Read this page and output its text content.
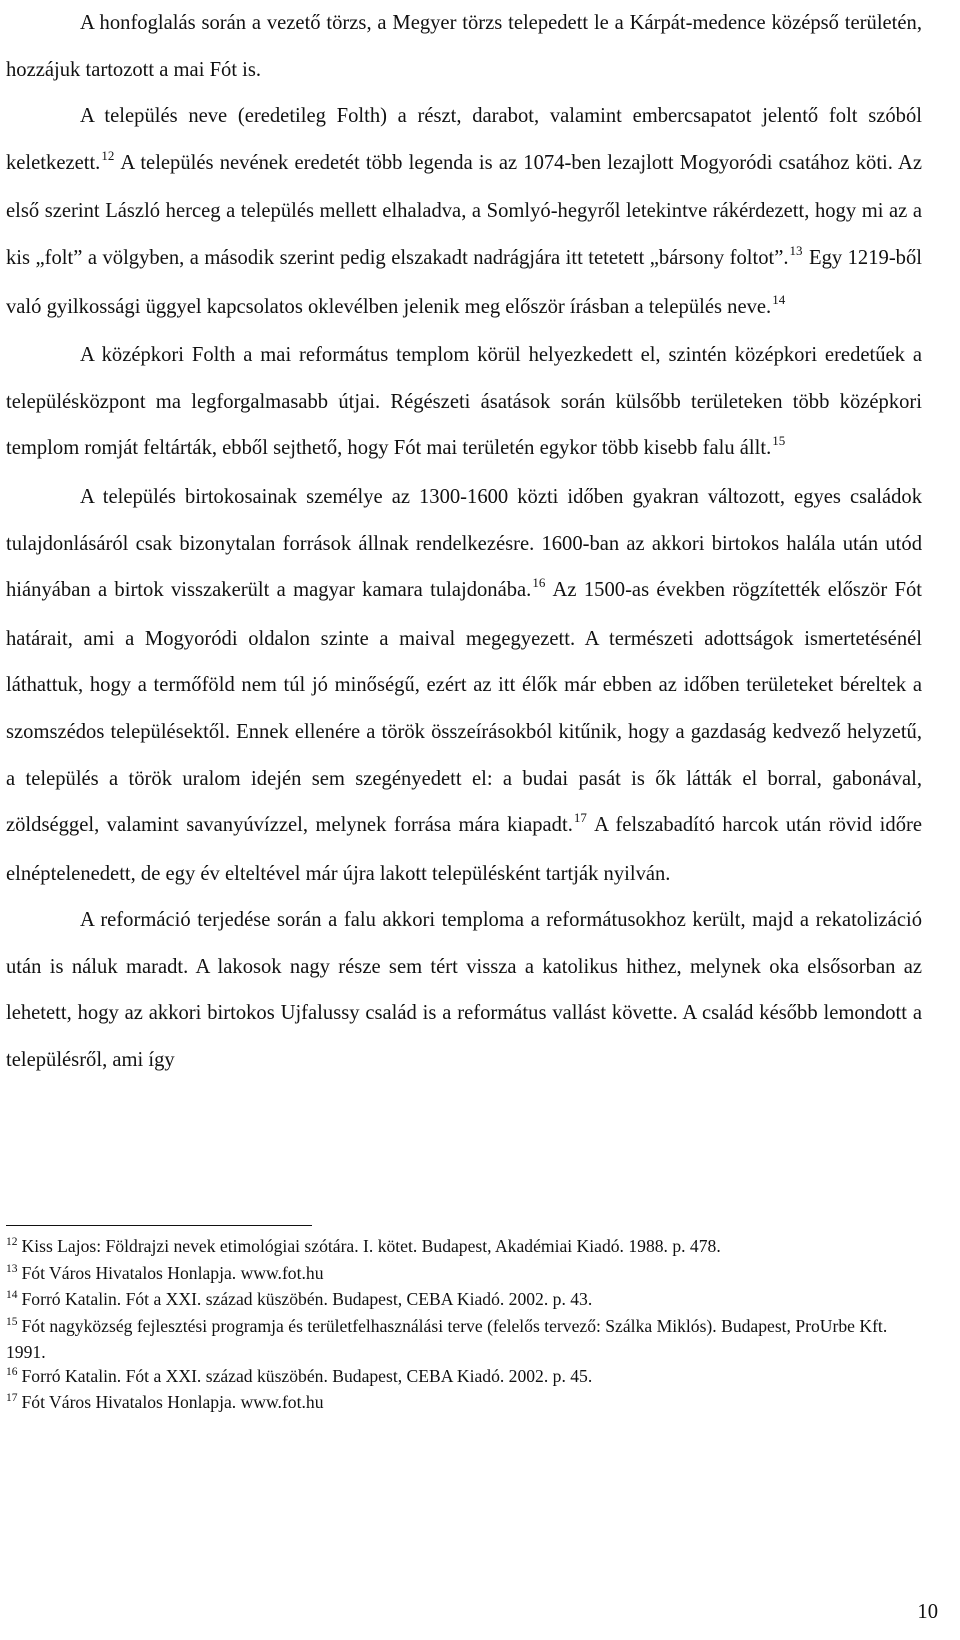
A honfoglalás során a vezető törzs, a Megyer törzs telepedett le a Kárpát-medence középső területén, hozzájuk tartozott a mai Fót is.

A település neve (eredetileg Folth) a részt, darabot, valamint embercsapatot jelentő folt szóból keletkezett.$^{12}$ A település nevének eredetét több legenda is az 1074-ben lezajlott Mogyoródi csatához köti. Az első szerint László herceg a település mellett elhaladva, a Somlyó-hegyről letekintve rákérdezett, hogy mi az a kis „folt” a völgyben, a második szerint pedig elszakadt nadrágjára itt tetetett „bársony foltot”.$^{13}$ Egy 1219-ből való gyilkossági üggyel kapcsolatos oklevélben jelenik meg először írásban a település neve.$^{14}$

A középkori Folth a mai református templom körül helyezkedett el, szintén középkori eredetűek a településközpont ma legforgalmasabb útjai. Régészeti ásatások során külsőbb területeken több középkori templom romját feltárták, ebből sejthető, hogy Fót mai területén egykor több kisebb falu állt.$^{15}$

A település birtokosainak személye az 1300-1600 közti időben gyakran változott, egyes családok tulajdonlásáról csak bizonytalan források állnak rendelkezésre. 1600-ban az akkori birtokos halála után utód hiányában a birtok visszakerült a magyar kamara tulajdonába.$^{16}$ Az 1500-as években rögzítették először Fót határait, ami a Mogyoródi oldalon szinte a maival megegyezett. A természeti adottságok ismertetésénél láthattuk, hogy a termőföld nem túl jó minőségű, ezért az itt élők már ebben az időben területeket béreltek a szomszédos településektől. Ennek ellenére a török összeírásokból kitűnik, hogy a gazdaság kedvező helyzetű, a település a török uralom idején sem szegényedett el: a budai pasát is ők látták el borral, gabonával, zöldséggel, valamint savanyúvízzel, melynek forrása mára kiapadt.$^{17}$ A felszabadító harcok után rövid időre elnéptelenedett, de egy év elteltével már újra lakott településként tartják nyilván.

A reformáció terjedése során a falu akkori temploma a reformátusokhoz került, majd a rekatolizáció után is náluk maradt. A lakosok nagy része sem tért vissza a katolikus hithez, melynek oka elsősorban az lehetett, hogy az akkori birtokos Ujfalussy család is a református vallást követte. A család később lemondott a településről, ami így

$^{12}$ Kiss Lajos: Földrajzi nevek etimológiai szótára. I. kötet. Budapest, Akadémiai Kiadó. 1988. p. 478.

$^{13}$ Fót Város Hivatalos Honlapja. www.fot.hu

$^{14}$ Forró Katalin. Fót a XXI. század küszöbén. Budapest, CEBA Kiadó. 2002. p. 43.

$^{15}$ Fót nagyközség fejlesztési programja és területfelhasználási terve (felelős tervező: Szálka Miklós). Budapest, ProUrbe Kft. 1991.

$^{16}$ Forró Katalin. Fót a XXI. század küszöbén. Budapest, CEBA Kiadó. 2002. p. 45.

$^{17}$ Fót Város Hivatalos Honlapja. www.fot.hu

10
